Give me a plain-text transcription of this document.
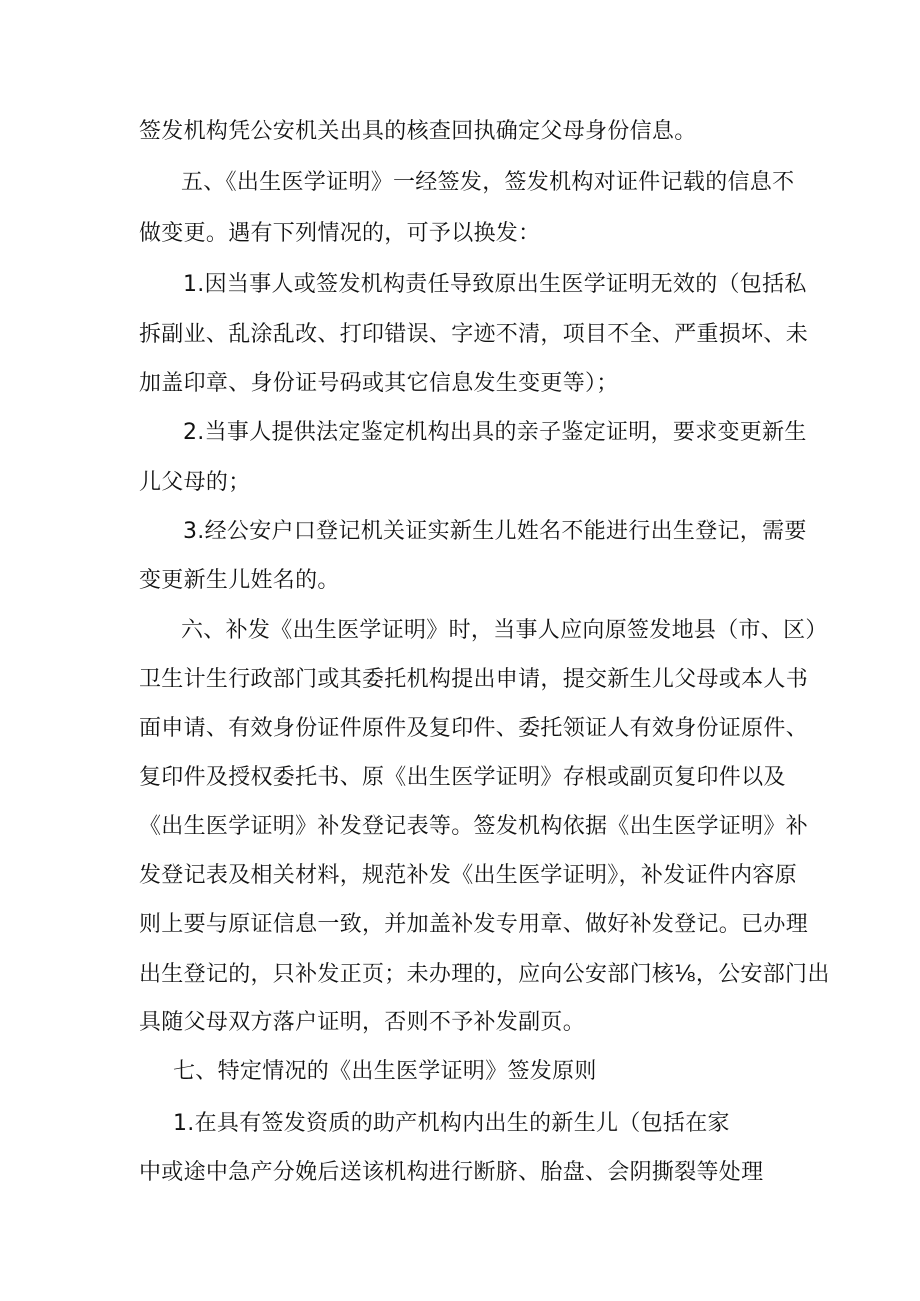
签发机构凭公安机关出具的核查回执确定父母身份信息。
五、《出生医学证明》一经签发，签发机构对证件记载的信息不
做变更。遇有下列情况的，可予以换发：
1.因当事人或签发机构责任导致原出生医学证明无效的（包括私
拆副业、乱涂乱改、打印错误、字迹不清，项目不全、严重损坏、未
加盖印章、身份证号码或其它信息发生变更等）；
2.当事人提供法定鉴定机构出具的亲子鉴定证明，要求变更新生
儿父母的；
3.经公安户口登记机关证实新生儿姓名不能进行出生登记，需要
变更新生儿姓名的。
六、补发《出生医学证明》时，当事人应向原签发地县（市、区）
卫生计生行政部门或其委托机构提出申请，提交新生儿父母或本人书
面申请、有效身份证件原件及复印件、委托领证人有效身份证原件、
复印件及授权委托书、原《出生医学证明》存根或副页复印件以及
《出生医学证明》补发登记表等。签发机构依据《出生医学证明》补
发登记表及相关材料，规范补发《出生医学证明》，补发证件内容原
则上要与原证信息一致，并加盖补发专用章、做好补发登记。已办理
出生登记的，只补发正页；未办理的，应向公安部门核⅛，公安部门出
具随父母双方落户证明，否则不予补发副页。
七、特定情况的《出生医学证明》签发原则
1.在具有签发资质的助产机构内出生的新生儿（包括在家
中或途中急产分娩后送该机构进行断脐、胎盘、会阴撕裂等处理
